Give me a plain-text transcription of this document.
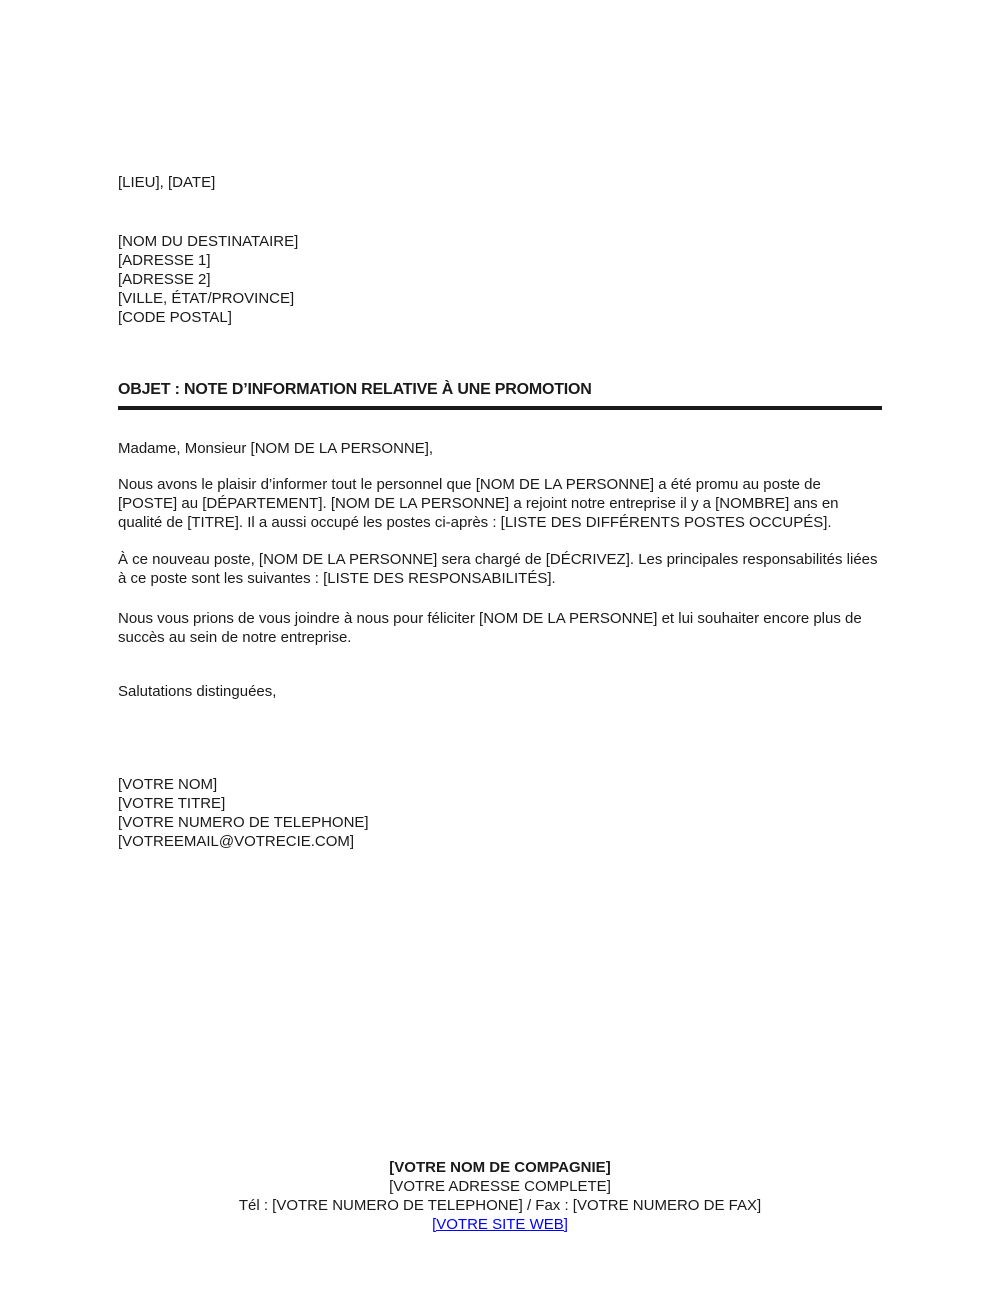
[LIEU], [DATE]
[NOM DU DESTINATAIRE]
[ADRESSE 1]
[ADRESSE 2]
[VILLE, ÉTAT/PROVINCE]
[CODE POSTAL]
OBJET : NOTE D’INFORMATION RELATIVE À UNE PROMOTION
Madame, Monsieur [NOM DE LA PERSONNE],
Nous avons le plaisir d’informer tout le personnel que [NOM DE LA PERSONNE] a été promu au poste de [POSTE] au [DÉPARTEMENT]. [NOM DE LA PERSONNE] a rejoint notre entreprise il y a [NOMBRE] ans en qualité de [TITRE]. Il a aussi occupé les postes ci-après : [LISTE DES DIFFÉRENTS POSTES OCCUPÉS].
À ce nouveau poste, [NOM DE LA PERSONNE] sera chargé de [DÉCRIVEZ]. Les principales responsabilités liées à ce poste sont les suivantes : [LISTE DES RESPONSABILITÉS].
Nous vous prions de vous joindre à nous pour féliciter [NOM DE LA PERSONNE] et lui souhaiter encore plus de succès au sein de notre entreprise.
Salutations distinguées,
[VOTRE NOM]
[VOTRE TITRE]
[VOTRE NUMERO DE TELEPHONE]
[VOTREEMAIL@VOTRECIE.COM]
[VOTRE NOM DE COMPAGNIE]
[VOTRE ADRESSE COMPLETE]
Tél : [VOTRE NUMERO DE TELEPHONE] / Fax : [VOTRE NUMERO DE FAX]
[VOTRE SITE WEB]
